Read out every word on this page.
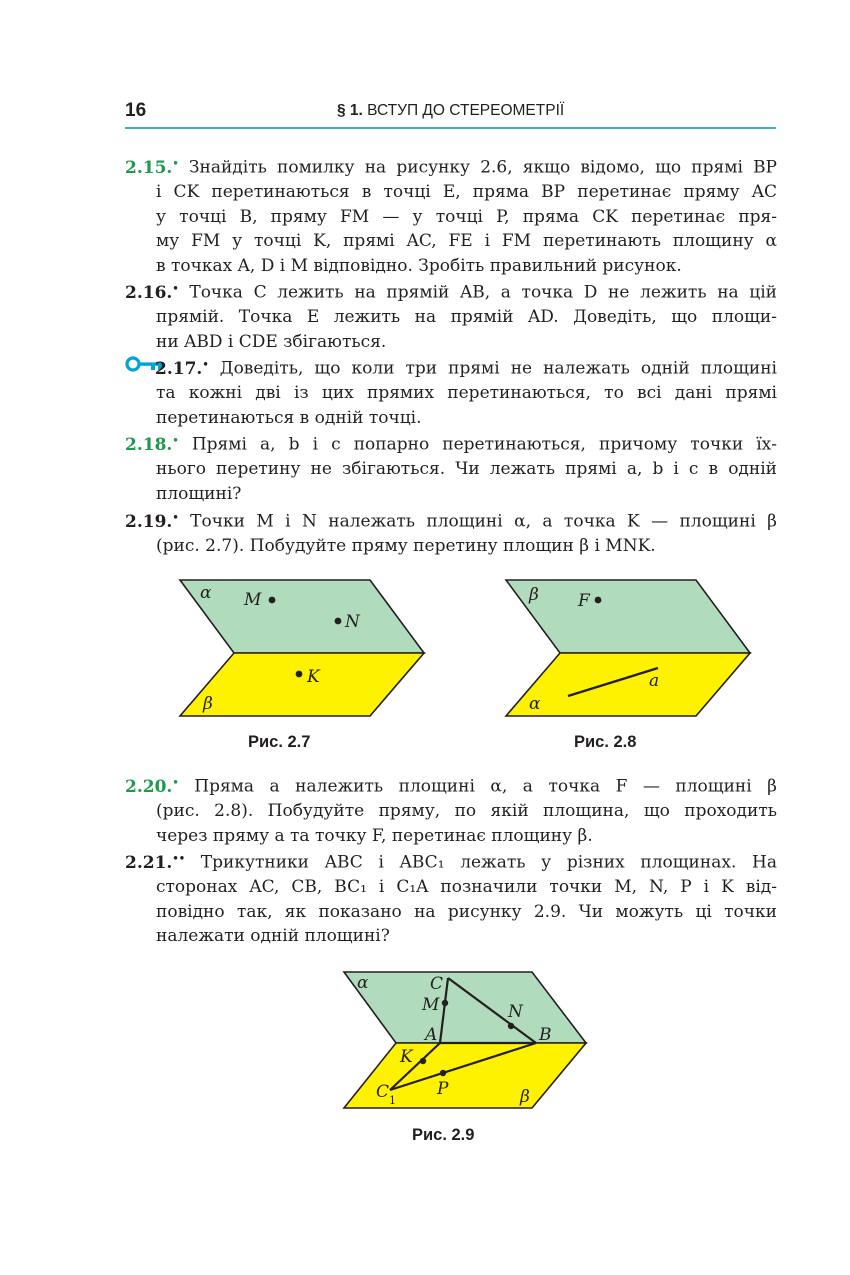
16	§ 1. ВСТУП ДО СТЕРЕОМЕТРІЇ
2.15.• Знайдіть помилку на рисунку 2.6, якщо відомо, що прямі BP
і CK перетинаються в точці E, пряма BP перетинає пряму AC
у точці B, пряму FM — у точці P, пряма CK перетинає пря-
му FM у точці K, прямі AC, FE і FM перетинають площину α
в точках A, D і M відповідно. Зробіть правильний рисунок.
2.16.• Точка C лежить на прямій AB, а точка D не лежить на цій
прямій. Точка E лежить на прямій AD. Доведіть, що площи-
ни ABD і CDE збігаються.
2.17.• Доведіть, що коли три прямі не належать одній площині
та кожні дві із цих прямих перетинаються, то всі дані прямі
перетинаються в одній точці.
2.18.• Прямі a, b і c попарно перетинаються, причому точки їх-
нього перетину не збігаються. Чи лежать прямі a, b і c в одній
площині?
2.19.• Точки M і N належать площині α, а точка K — площині β
(рис. 2.7). Побудуйте пряму перетину площин β і MNK.
α M
N
K
β
Рис. 2.7
β F
a
α
Рис. 2.8
2.20.• Пряма a належить площині α, а точка F — площині β
(рис. 2.8). Побудуйте пряму, по якій площина, що проходить
через пряму a та точку F, перетинає площину β.
2.21.•• Трикутники ABC і ABC₁ лежать у різних площинах. На
сторонах AC, CB, BC₁ і C₁A позначили точки M, N, P і K від-
повідно так, як показано на рисунку 2.9. Чи можуть ці точки
належати одній площині?
α	C
M	N
A	B
K
P
C 1	β
Рис. 2.9
